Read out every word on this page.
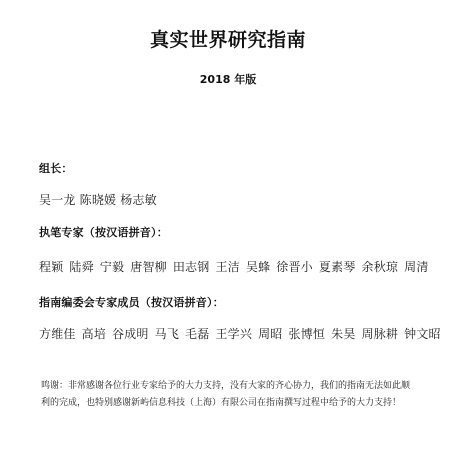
真实世界研究指南
2018 年版
组长：
吴一龙 陈晓媛 杨志敏
执笔专家（按汉语拼音）：
程颖 陆舜 宁毅 唐智柳 田志钢 王洁 吴蜂 徐晋小 夏素琴 余秋琼 周清
指南编委会专家成员（按汉语拼音）：
方维佳 高培 谷成明 马飞 毛磊 王学兴 周昭 张博恒 朱昊 周脉耕 钟文昭
鸣谢：非常感谢各位行业专家给予的大力支持，没有大家的齐心协力，我们的指南无法如此顺
利的完成，也特别感谢新屿信息科技（上海）有限公司在指南撰写过程中给予的大力支持！
